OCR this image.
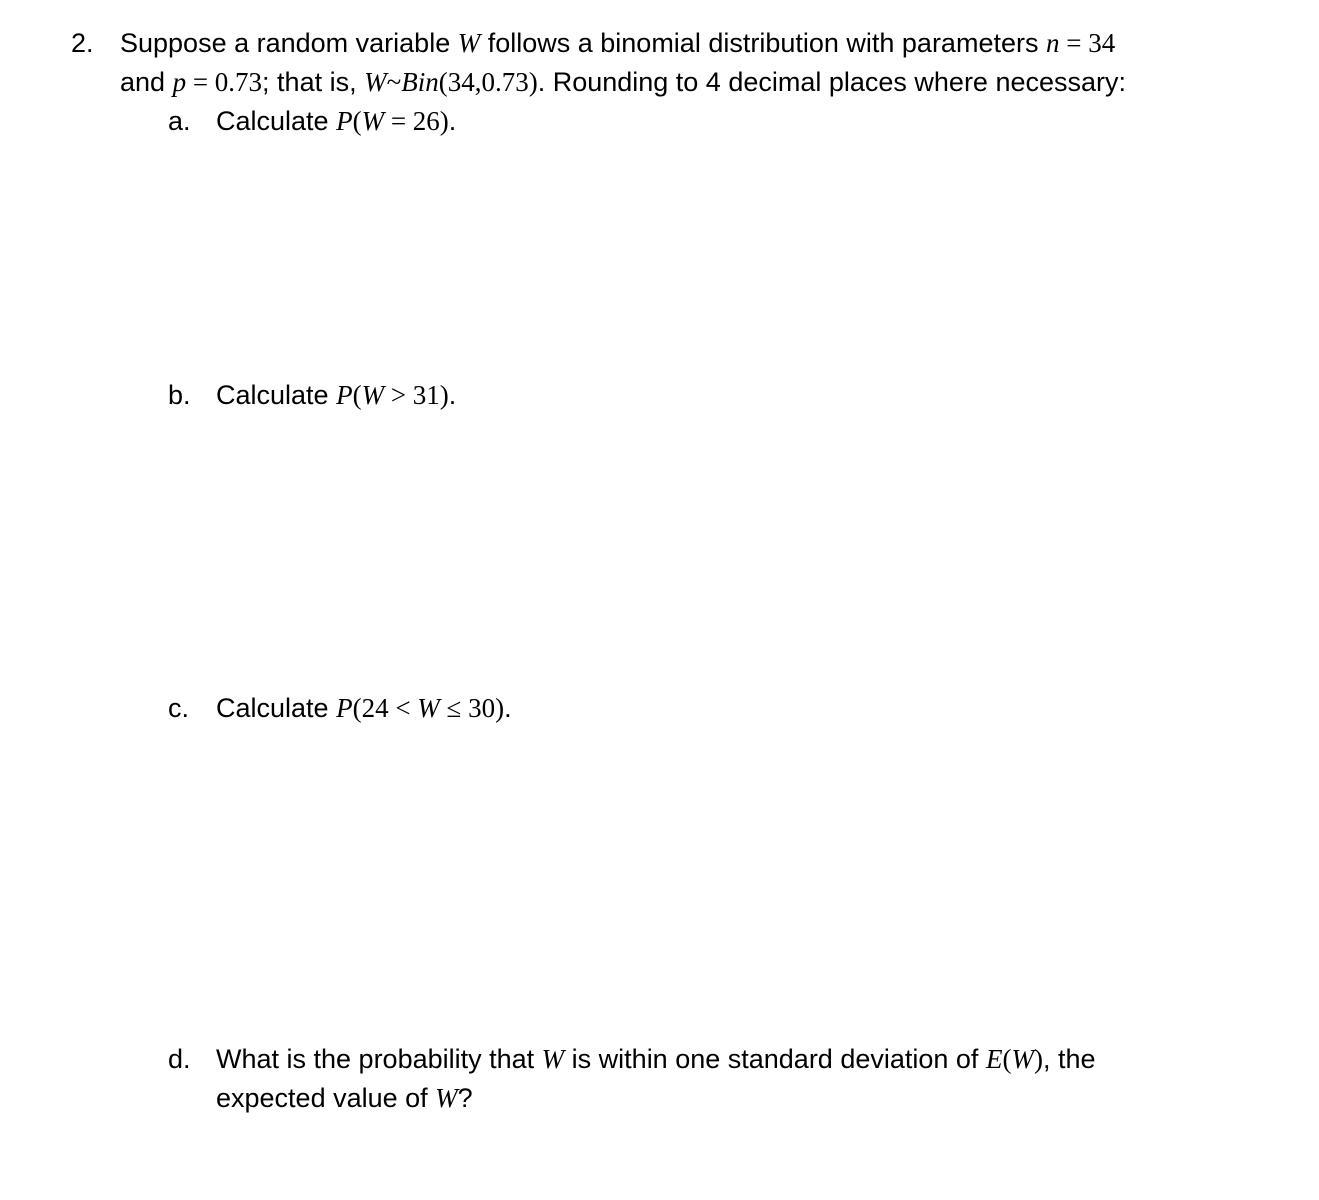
2. Suppose a random variable W follows a binomial distribution with parameters n = 34
and p = 0.73; that is, W~Bin(34,0.73). Rounding to 4 decimal places where necessary:
a. Calculate P(W = 26).
b. Calculate P(W > 31).
c. Calculate P(24 < W ≤ 30).
d. What is the probability that W is within one standard deviation of E(W), the
expected value of W?
